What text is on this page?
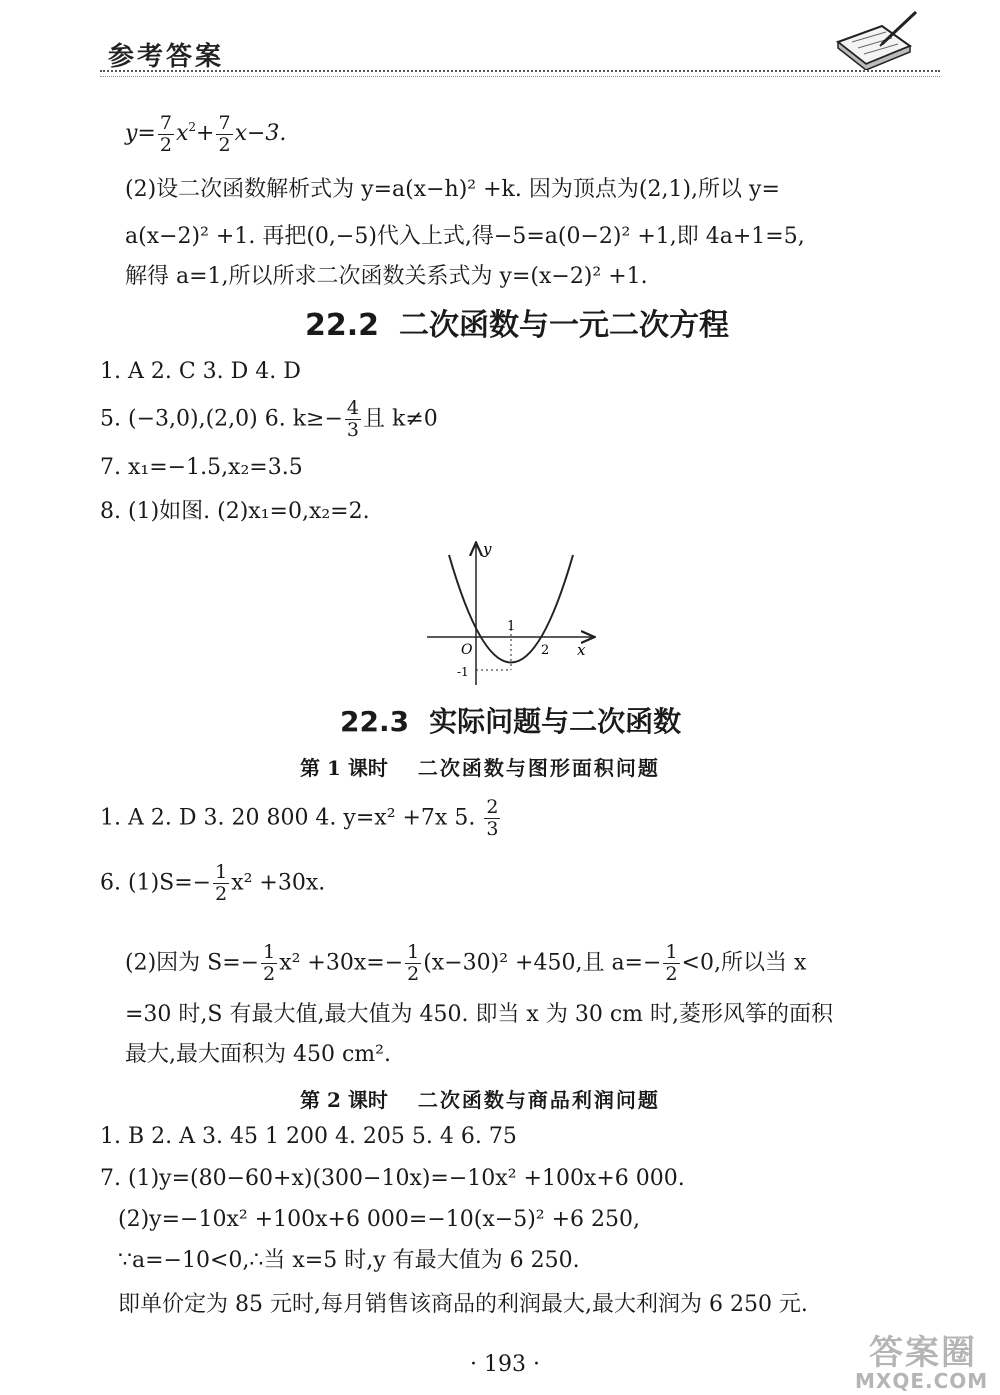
参考答案
$y= \frac{7}{2} x^2+ \frac{7}{2} x-3$.
(2)设二次函数解析式为 y=a(x−h)² +k. 因为顶点为(2,1),所以 y=
a(x−2)² +1. 再把(0,−5)代入上式,得−5=a(0−2)² +1,即 4a+1=5,
解得 a=1,所以所求二次函数关系式为 y=(x−2)² +1.
22.2 二次函数与一元二次方程
1. A 2. C 3. D 4. D
5. (−3,0),(2,0) 6. $k\ge- \frac{4}{3}$ 且 k≠0
7. x₁=−1.5,x₂=3.5
8. (1)如图. (2)x₁=0,x₂=2.
y
x
O
1
2
-1
22.3 实际问题与二次函数
第 1 课时 二次函数与图形面积问题
1. A 2. D 3. 20 800 4. y=x² +7x 5. $\frac{2}{3}$
6. $(1)S=- \frac{1}{2} x^2 +30x$.
(2)因为 $S=- \frac{1}{2} x^2 +30x=- \frac{1}{2} (x-30)^2 +450$,且 $a=- \frac{1}{2} <0$,所以当 x
=30 时,S 有最大值,最大值为 450. 即当 x 为 30 cm 时,菱形风筝的面积
最大,最大面积为 450 cm².
第 2 课时 二次函数与商品利润问题
1. B 2. A 3. 45 1 200 4. 205 5. 4 6. 75
7. (1)y=(80−60+x)(300−10x)=−10x² +100x+6 000.
(2)y=−10x² +100x+6 000=−10(x−5)² +6 250,
∵a=−10<0,∴当 x=5 时,y 有最大值为 6 250.
即单价定为 85 元时,每月销售该商品的利润最大,最大利润为 6 250 元.
· 193 ·	答案圈
MXQE.COM
